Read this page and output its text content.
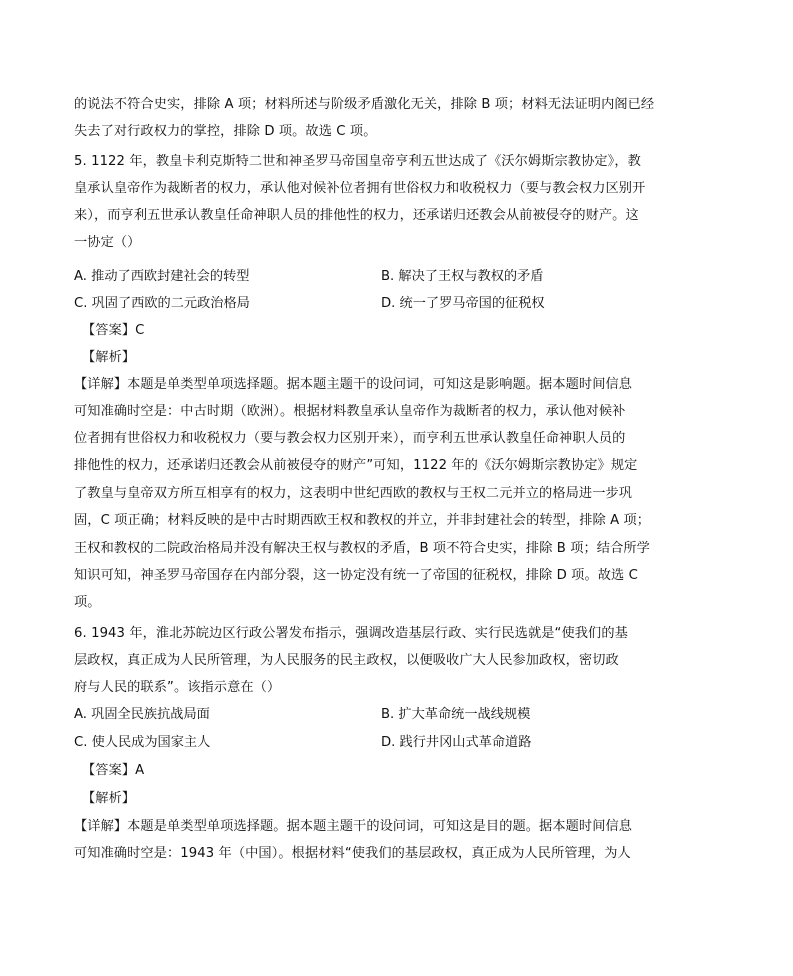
的说法不符合史实，排除 A 项；材料所述与阶级矛盾激化无关，排除 B 项；材料无法证明内阁已经
失去了对行政权力的掌控，排除 D 项。故选 C 项。
5. 1122 年，教皇卡利克斯特二世和神圣罗马帝国皇帝亨利五世达成了《沃尔姆斯宗教协定》，教
皇承认皇帝作为裁断者的权力，承认他对候补位者拥有世俗权力和收税权力（要与教会权力区别开
来），而亨利五世承认教皇任命神职人员的排他性的权力，还承诺归还教会从前被侵夺的财产。这
一协定（）
A. 推动了西欧封建社会的转型	B. 解决了王权与教权的矛盾
C. 巩固了西欧的二元政治格局	D. 统一了罗马帝国的征税权
【答案】C
【解析】
【详解】本题是单类型单项选择题。据本题主题干的设问词，可知这是影响题。据本题时间信息
可知准确时空是：中古时期（欧洲）。根据材料教皇承认皇帝作为裁断者的权力，承认他对候补
位者拥有世俗权力和收税权力（要与教会权力区别开来），而亨利五世承认教皇任命神职人员的
排他性的权力，还承诺归还教会从前被侵夺的财产”可知，1122 年的《沃尔姆斯宗教协定》规定
了教皇与皇帝双方所互相享有的权力，这表明中世纪西欧的教权与王权二元并立的格局进一步巩
固，C 项正确；材料反映的是中古时期西欧王权和教权的并立，并非封建社会的转型，排除 A 项；
王权和教权的二院政治格局并没有解决王权与教权的矛盾，B 项不符合史实，排除 B 项；结合所学
知识可知，神圣罗马帝国存在内部分裂，这一协定没有统一了帝国的征税权，排除 D 项。故选 C
项。
6. 1943 年，淮北苏皖边区行政公署发布指示，强调改造基层行政、实行民选就是“使我们的基
层政权，真正成为人民所管理，为人民服务的民主政权，以便吸收广大人民参加政权，密切政
府与人民的联系”。该指示意在（）
A. 巩固全民族抗战局面	B. 扩大革命统一战线规模
C. 使人民成为国家主人	D. 践行井冈山式革命道路
【答案】A
【解析】
【详解】本题是单类型单项选择题。据本题主题干的设问词，可知这是目的题。据本题时间信息
可知准确时空是：1943 年（中国）。根据材料“使我们的基层政权，真正成为人民所管理，为人
